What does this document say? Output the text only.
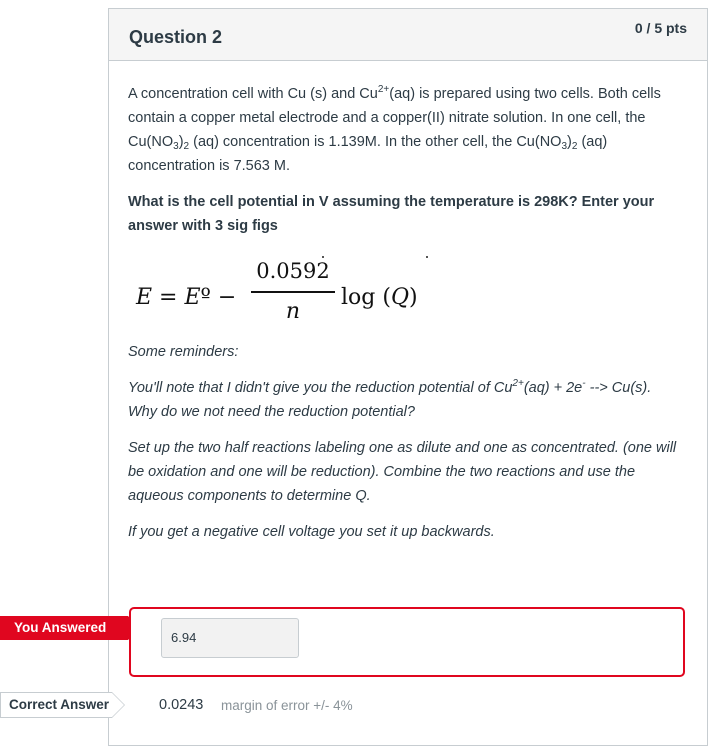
Question 2	0 / 5 pts

A concentration cell with Cu (s) and $Cu^{2+}(aq)$ is prepared using two cells. Both cells contain a copper metal electrode and a copper(II) nitrate solution. In one cell, the $Cu(NO_3)_2$ (aq) concentration is 1.139M. In the other cell, the $Cu(NO_3)_2$ (aq) concentration is 7.563 M.

What is the cell potential in V assuming the temperature is 298K? Enter your answer with 3 sig figs

E = Eº −
0.0592
n
log (Q)

Some reminders:

You'll note that I didn't give you the reduction potential of $Cu^{2+}(aq) + 2e^-$ --> Cu(s). Why do we not need the reduction potential?

Set up the two half reactions labeling one as dilute and one as concentrated. (one will be oxidation and one will be reduction). Combine the two reactions and use the aqueous components to determine Q.

If you get a negative cell voltage you set it up backwards.

You Answered
6.94
Correct Answer	0.0243 margin of error +/- 4%
